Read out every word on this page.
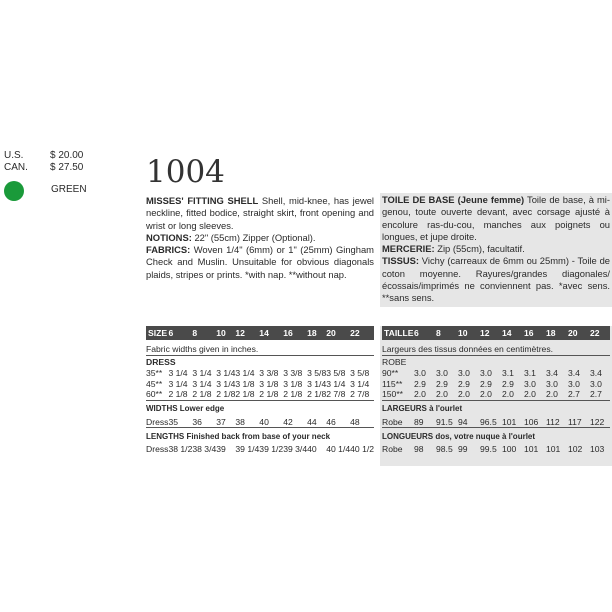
U.S.	$ 20.00
CAN. $ 27.50
GREEN 1004
MISSES' FITTING SHELL Shell, mid-knee, has jewel neckline, fitted bodice, straight skirt, front opening and wrist or long sleeves.
NOTIONS: 22" (55cm) Zipper (Optional).
FABRICS: Woven 1/4" (6mm) or 1" (25mm) Gingham Check and Muslin. Unsuitable for obvious diagonals plaids, stripes or prints. *with nap. **without nap.
TOILE DE BASE (Jeune femme) Toile de base, à mi-genou, toute ouverte devant, avec corsage ajusté à encolure ras-du-cou, manches aux poignets ou longues, et jupe droite.
MERCERIE: Zip (55cm), facultatif.
TISSUS: Vichy (carreaux de 6mm ou 25mm) - Toile de coton moyenne. Rayures/grandes diagonales/écossais/imprimés ne conviennent pas. *avec sens. **sans sens.
SIZE	6	8	10	12	14	16	18	20	22
Fabric widths given in inches.									
DRESS									
35**	3 1/4	3 1/4	3 1/4	3 1/4	3 3/8	3 3/8	3 5/8	3 5/8	3 5/8
45**	3 1/4	3 1/4	3 1/4	3 1/8	3 1/8	3 1/8	3 1/4	3 1/4	3 1/4
60**	2 1/8	2 1/8	2 1/8	2 1/8	2 1/8	2 1/8	2 1/8	2 7/8	2 7/8
WIDTHS Lower edge									
Dress	35	36	37	38	40	42	44	46	48
LENGTHS Finished back from base of your neck									
Dress	38 1/2	38 3/4	39	39 1/4	39 1/2	39 3/4	40	40 1/4	40 1/2
TAILLE	6	8	10	12	14	16	18	20	22
Largeurs des tissus données en centimètres.									
ROBE									
90**	3.0	3.0	3.0	3.0	3.1	3.1	3.4	3.4	3.4
115**	2.9	2.9	2.9	2.9	2.9	3.0	3.0	3.0	3.0
150**	2.0	2.0	2.0	2.0	2.0	2.0	2.0	2.7	2.7
LARGEURS à l'ourlet									
Robe	89	91.5	94	96.5	101	106	112	117	122
LONGUEURS dos, votre nuque à l'ourlet									
Robe	98	98.5	99	99.5	100	101	101	102	103
